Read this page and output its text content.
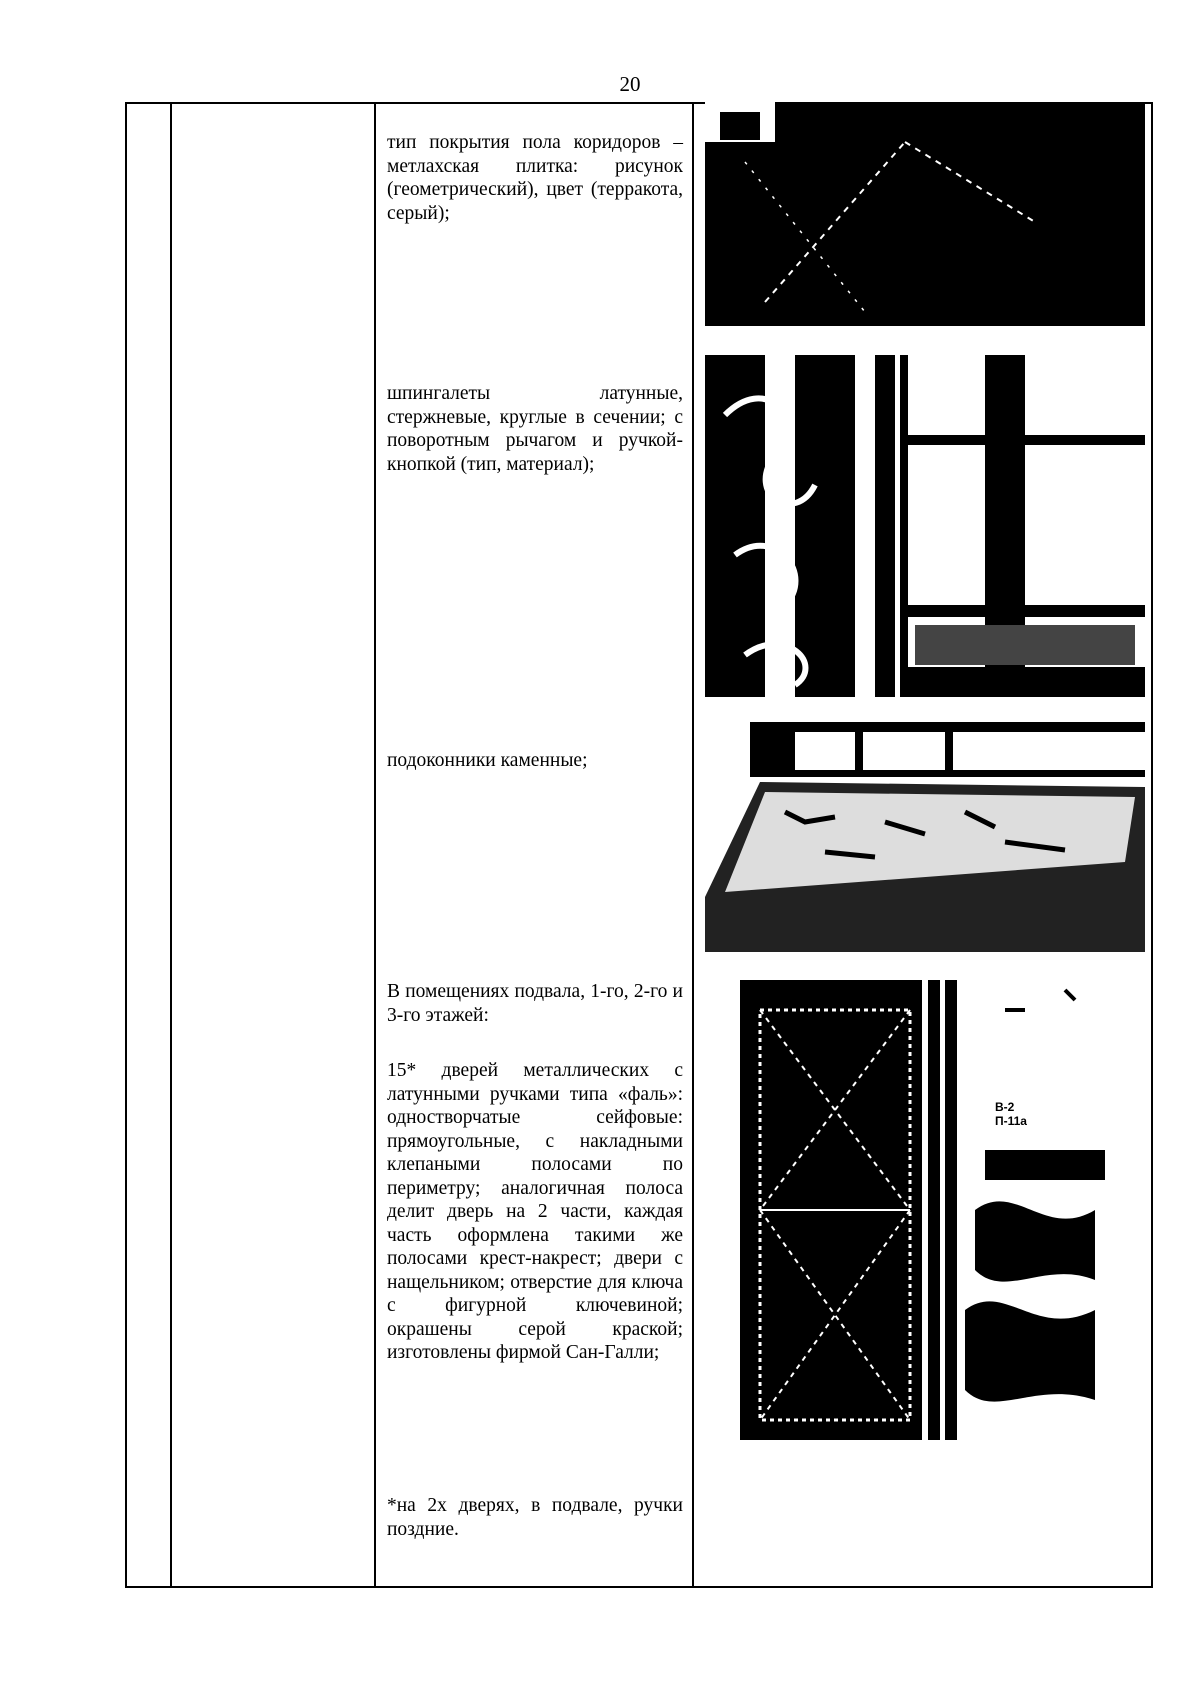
20
тип покрытия пола коридоров – метлахская плитка: рисунок (геометрический), цвет (терракота, серый);
шпингалеты латунные, стержневые, круглые в сечении; с поворотным рычагом и ручкой-кнопкой (тип, материал);
подоконники каменные;
В помещениях подвала, 1-го, 2-го и 3-го этажей:
15* дверей металлических с латунными ручками типа «фаль»: одностворчатые сейфовые: прямоугольные, с накладными клепаными полосами по периметру; аналогичная полоса делит дверь на 2 части, каждая часть оформлена такими же полосами крест-накрест; двери с нащельником; отверстие для ключа с фигурной ключевиной; окрашены серой краской; изготовлены фирмой Сан-Галли;
*на 2х дверях, в подвале, ручки поздние.
В-2 П-11а
